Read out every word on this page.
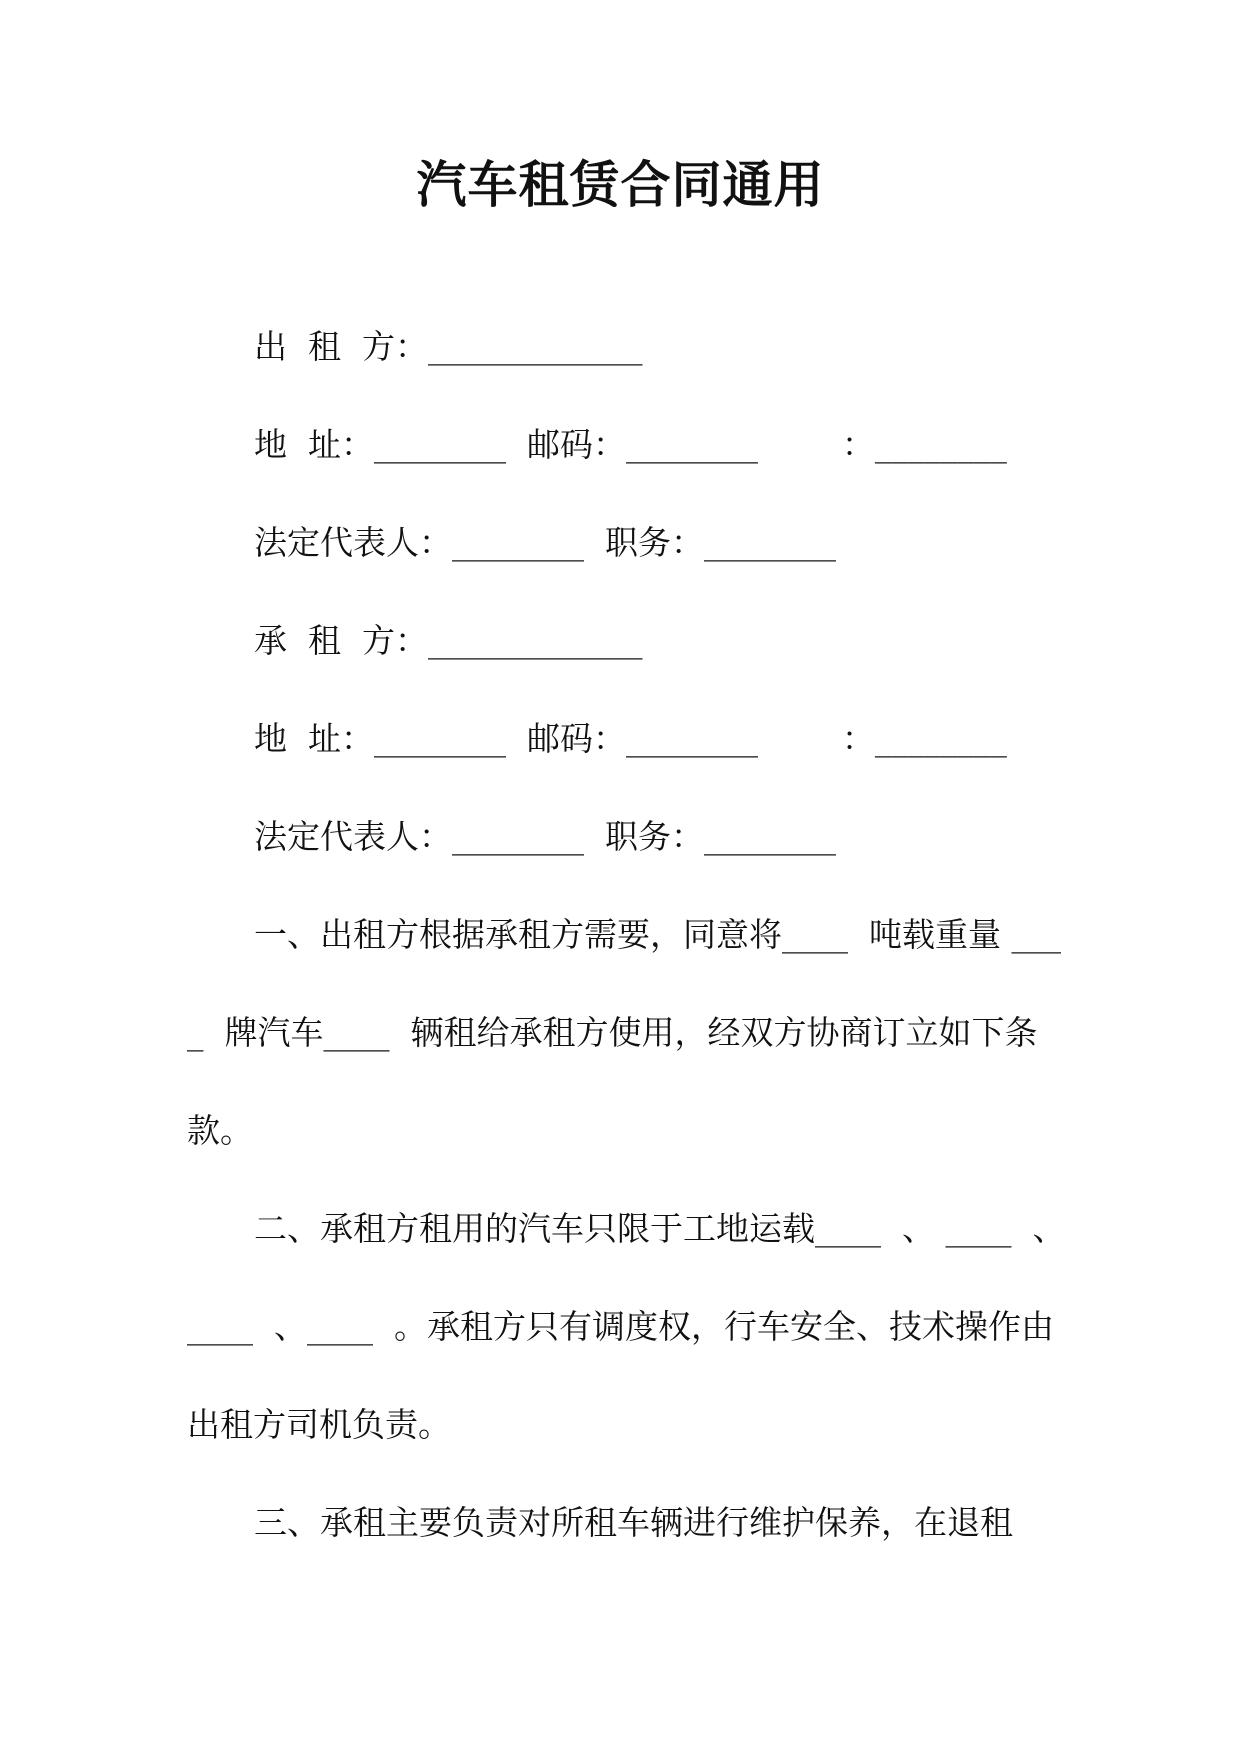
汽车租赁合同通用
出  租  方：_____________
地  址：________  邮码：________        ：________
法定代表人：________  职务：________
承  租  方：_____________
地  址：________  邮码：________        ：________
法定代表人：________  职务：________

一、出租方根据承租方需要，同意将____  吨载重量 ____  牌汽车____  辆租给承租方使用，经双方协商订立如下条款。

二、承租方租用的汽车只限于工地运载____  、 ____  、____  、____  。承租方只有调度权，行车安全、技术操作由出租方司机负责。

三、承租主要负责对所租车辆进行维护保养，在退租
